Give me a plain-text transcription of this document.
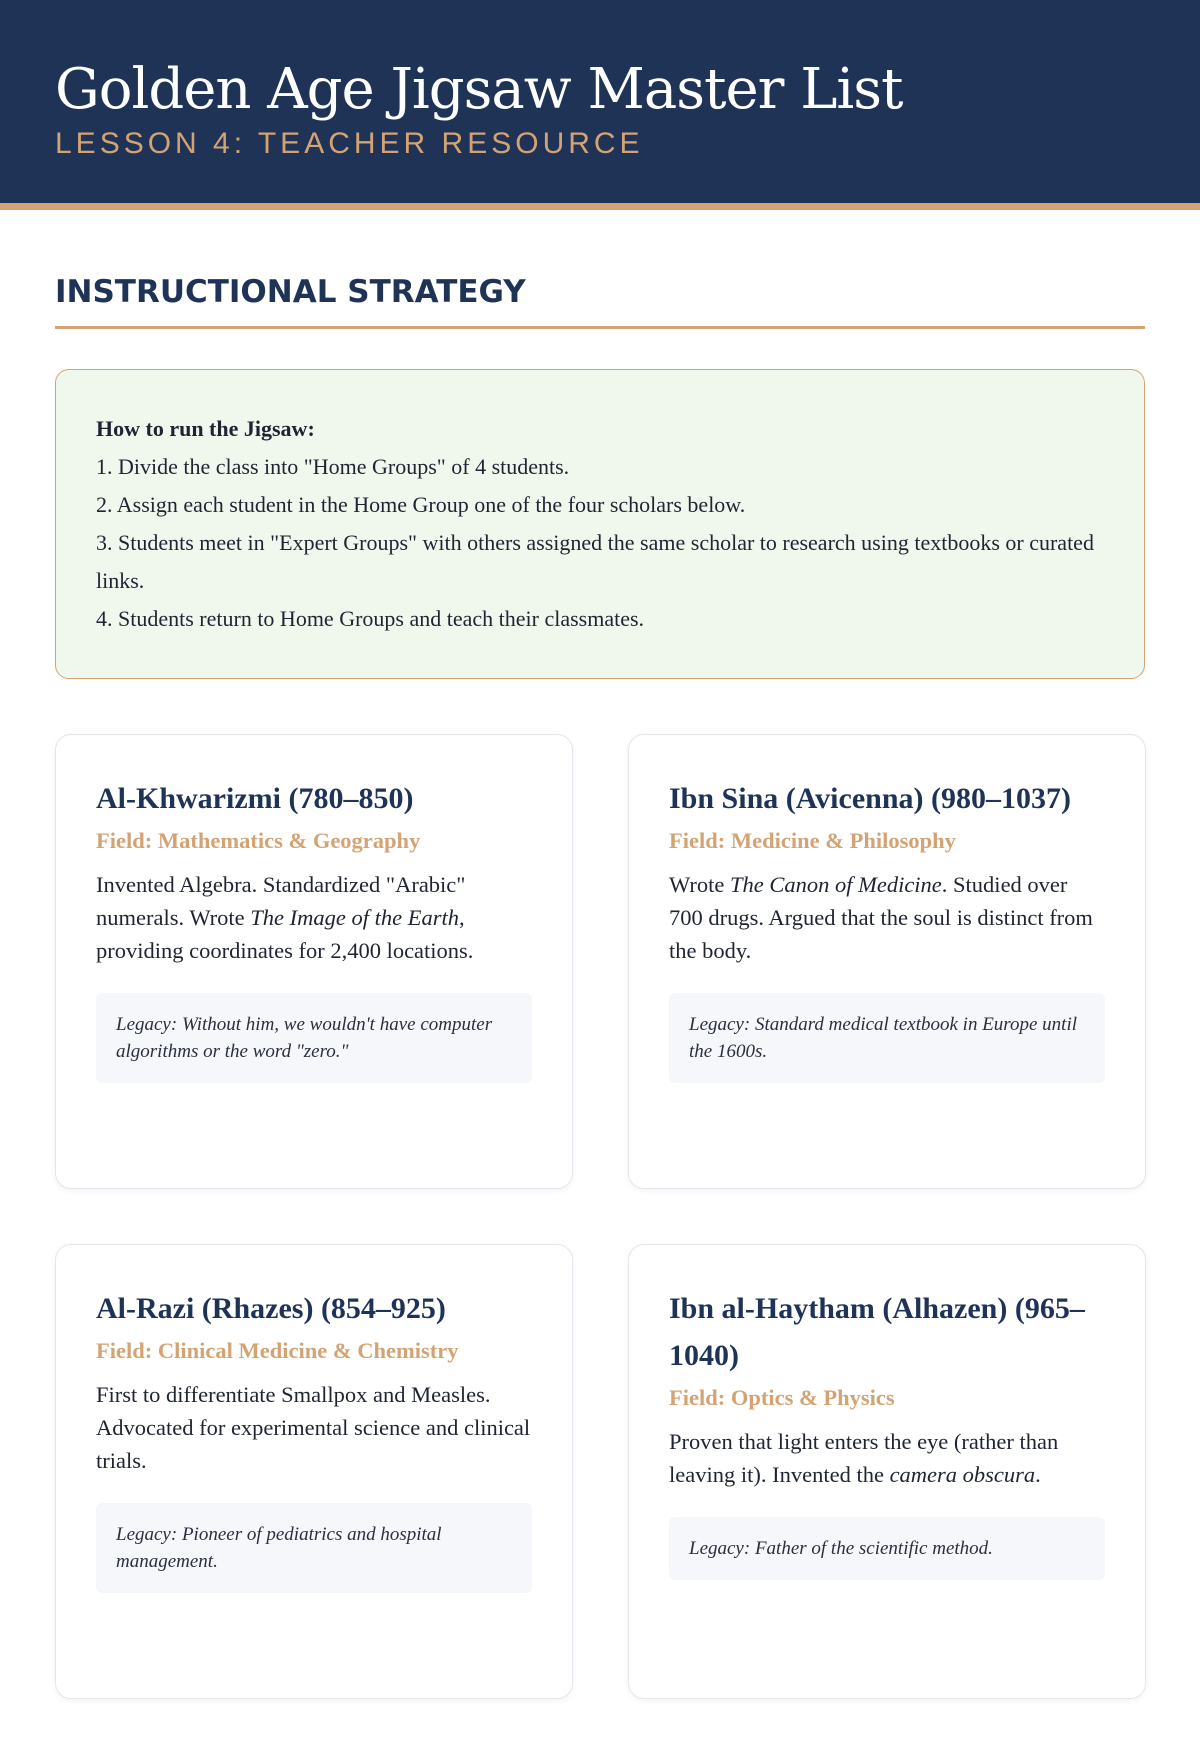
Golden Age Jigsaw Master List
LESSON 4: TEACHER RESOURCE
INSTRUCTIONAL STRATEGY
How to run the Jigsaw:
1. Divide the class into "Home Groups" of 4 students.
2. Assign each student in the Home Group one of the four scholars below.
3. Students meet in "Expert Groups" with others assigned the same scholar to research using textbooks or curated links.
4. Students return to Home Groups and teach their classmates.
Al-Khwarizmi (780–850)
Field: Mathematics & Geography

Invented Algebra. Standardized "Arabic" numerals. Wrote The Image of the Earth, providing coordinates for 2,400 locations.

Legacy: Without him, we wouldn't have computer algorithms or the word "zero."
Ibn Sina (Avicenna) (980–1037)
Field: Medicine & Philosophy

Wrote The Canon of Medicine. Studied over 700 drugs. Argued that the soul is distinct from the body.

Legacy: Standard medical textbook in Europe until the 1600s.
Al-Razi (Rhazes) (854–925)
Field: Clinical Medicine & Chemistry

First to differentiate Smallpox and Measles. Advocated for experimental science and clinical trials.

Legacy: Pioneer of pediatrics and hospital management.
Ibn al-Haytham (Alhazen) (965–1040)
Field: Optics & Physics

Proven that light enters the eye (rather than leaving it). Invented the camera obscura.

Legacy: Father of the scientific method.
